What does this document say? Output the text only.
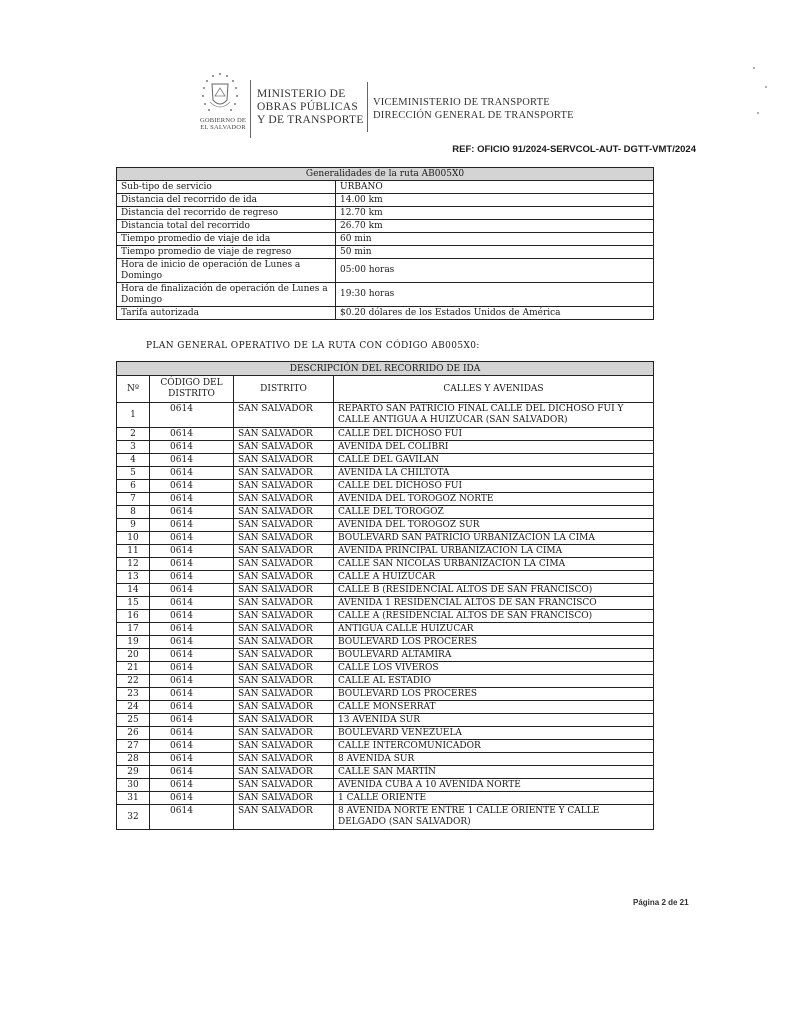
GOBIERNO DE
EL SALVADOR
MINISTERIO DE
OBRAS PÚBLICAS
Y DE TRANSPORTE
VICEMINISTERIO DE TRANSPORTE
DIRECCIÓN GENERAL DE TRANSPORTE
REF: OFICIO 91/2024-SERVCOL-AUT- DGTT-VMT/2024
Generalidades de la ruta AB005X0	
Sub-tipo de servicio	URBANO
Distancia del recorrido de ida	14.00 km
Distancia del recorrido de regreso	12.70 km
Distancia total del recorrido	26.70 km
Tiempo promedio de viaje de ida	60 min
Tiempo promedio de viaje de regreso	50 min
Hora de inicio de operación de Lunes a Domingo	05:00 horas
Hora de finalización de operación de Lunes a Domingo	19:30 horas
Tarifa autorizada	$0.20 dólares de los Estados Unidos de América
PLAN GENERAL OPERATIVO DE LA RUTA CON CÓDIGO AB005X0:
DESCRIPCIÓN DEL RECORRIDO DE IDA			
Nº	CÓDIGO DEL DISTRITO	DISTRITO	CALLES Y AVENIDAS
1	0614	SAN SALVADOR	REPARTO SAN PATRICIO FINAL CALLE DEL DICHOSO FUI Y CALLE ANTIGUA A HUIZÚCAR (SAN SALVADOR)
2	0614	SAN SALVADOR	CALLE DEL DICHOSO FUI
3	0614	SAN SALVADOR	AVENIDA DEL COLIBRI
4	0614	SAN SALVADOR	CALLE DEL GAVILAN
5	0614	SAN SALVADOR	AVENIDA LA CHILTOTA
6	0614	SAN SALVADOR	CALLE DEL DICHOSO FUI
7	0614	SAN SALVADOR	AVENIDA DEL TOROGOZ NORTE
8	0614	SAN SALVADOR	CALLE DEL TOROGOZ
9	0614	SAN SALVADOR	AVENIDA DEL TOROGOZ SUR
10	0614	SAN SALVADOR	BOULEVARD SAN PATRICIO URBANIZACION LA CIMA
11	0614	SAN SALVADOR	AVENIDA PRINCIPAL URBANIZACION LA CIMA
12	0614	SAN SALVADOR	CALLE SAN NICOLAS URBANIZACION LA CIMA
13	0614	SAN SALVADOR	CALLE A HUIZUCAR
14	0614	SAN SALVADOR	CALLE B (RESIDENCIAL ALTOS DE SAN FRANCISCO)
15	0614	SAN SALVADOR	AVENIDA 1 RESIDENCIAL ALTOS DE SAN FRANCISCO
16	0614	SAN SALVADOR	CALLE A (RESIDENCIAL ALTOS DE SAN FRANCISCO)
17	0614	SAN SALVADOR	ANTIGUA CALLE HUIZUCAR
19	0614	SAN SALVADOR	BOULEVARD LOS PROCERES
20	0614	SAN SALVADOR	BOULEVARD ALTAMIRA
21	0614	SAN SALVADOR	CALLE LOS VIVEROS
22	0614	SAN SALVADOR	CALLE AL ESTADIO
23	0614	SAN SALVADOR	BOULEVARD LOS PROCERES
24	0614	SAN SALVADOR	CALLE MONSERRAT
25	0614	SAN SALVADOR	13 AVENIDA SUR
26	0614	SAN SALVADOR	BOULEVARD VENEZUELA
27	0614	SAN SALVADOR	CALLE INTERCOMUNICADOR
28	0614	SAN SALVADOR	8 AVENIDA SUR
29	0614	SAN SALVADOR	CALLE SAN MARTÍN
30	0614	SAN SALVADOR	AVENIDA CUBA A 10 AVENIDA NORTE
31	0614	SAN SALVADOR	1 CALLE ORIENTE
32	0614	SAN SALVADOR	8 AVENIDA NORTE ENTRE 1 CALLE ORIENTE Y CALLE DELGADO (SAN SALVADOR)
Página 2 de 21
